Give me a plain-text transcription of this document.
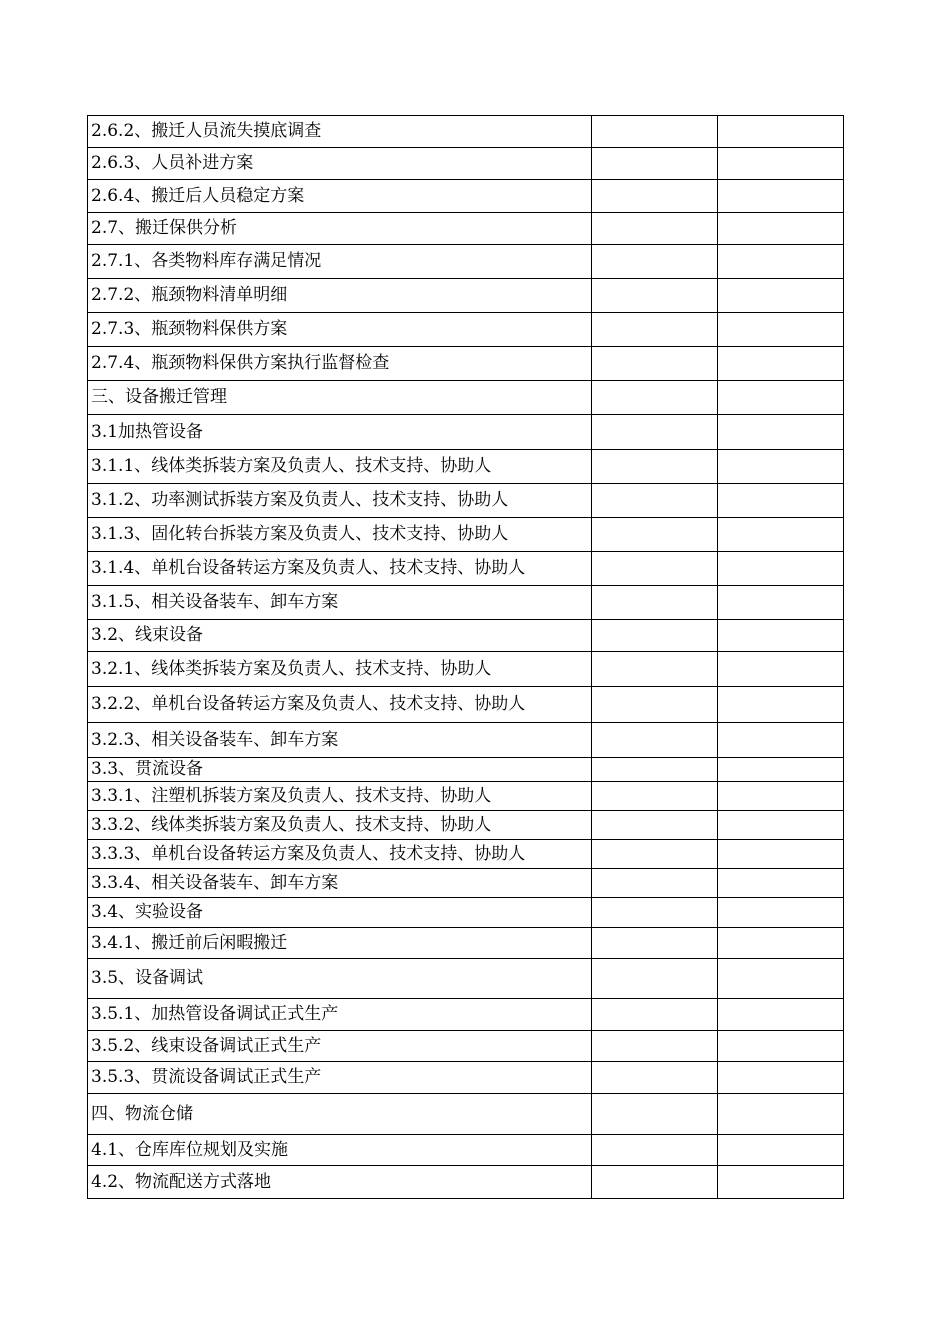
2.6.2、搬迁人员流失摸底调查		
2.6.3、人员补进方案		
2.6.4、搬迁后人员稳定方案		
2.7、搬迁保供分析		
2.7.1、各类物料库存满足情况		
2.7.2、瓶颈物料清单明细		
2.7.3、瓶颈物料保供方案		
2.7.4、瓶颈物料保供方案执行监督检查		
三、设备搬迁管理		
3.1加热管设备		
3.1.1、线体类拆装方案及负责人、技术支持、协助人		
3.1.2、功率测试拆装方案及负责人、技术支持、协助人		
3.1.3、固化转台拆装方案及负责人、技术支持、协助人		
3.1.4、单机台设备转运方案及负责人、技术支持、协助人		
3.1.5、相关设备装车、卸车方案		
3.2、线束设备		
3.2.1、线体类拆装方案及负责人、技术支持、协助人		
3.2.2、单机台设备转运方案及负责人、技术支持、协助人		
3.2.3、相关设备装车、卸车方案		
3.3、贯流设备		
3.3.1、注塑机拆装方案及负责人、技术支持、协助人		
3.3.2、线体类拆装方案及负责人、技术支持、协助人		
3.3.3、单机台设备转运方案及负责人、技术支持、协助人		
3.3.4、相关设备装车、卸车方案		
3.4、实验设备		
3.4.1、搬迁前后闲暇搬迁		
3.5、设备调试		
3.5.1、加热管设备调试正式生产		
3.5.2、线束设备调试正式生产		
3.5.3、贯流设备调试正式生产		
四、物流仓储		
4.1、仓库库位规划及实施		
4.2、物流配送方式落地		
